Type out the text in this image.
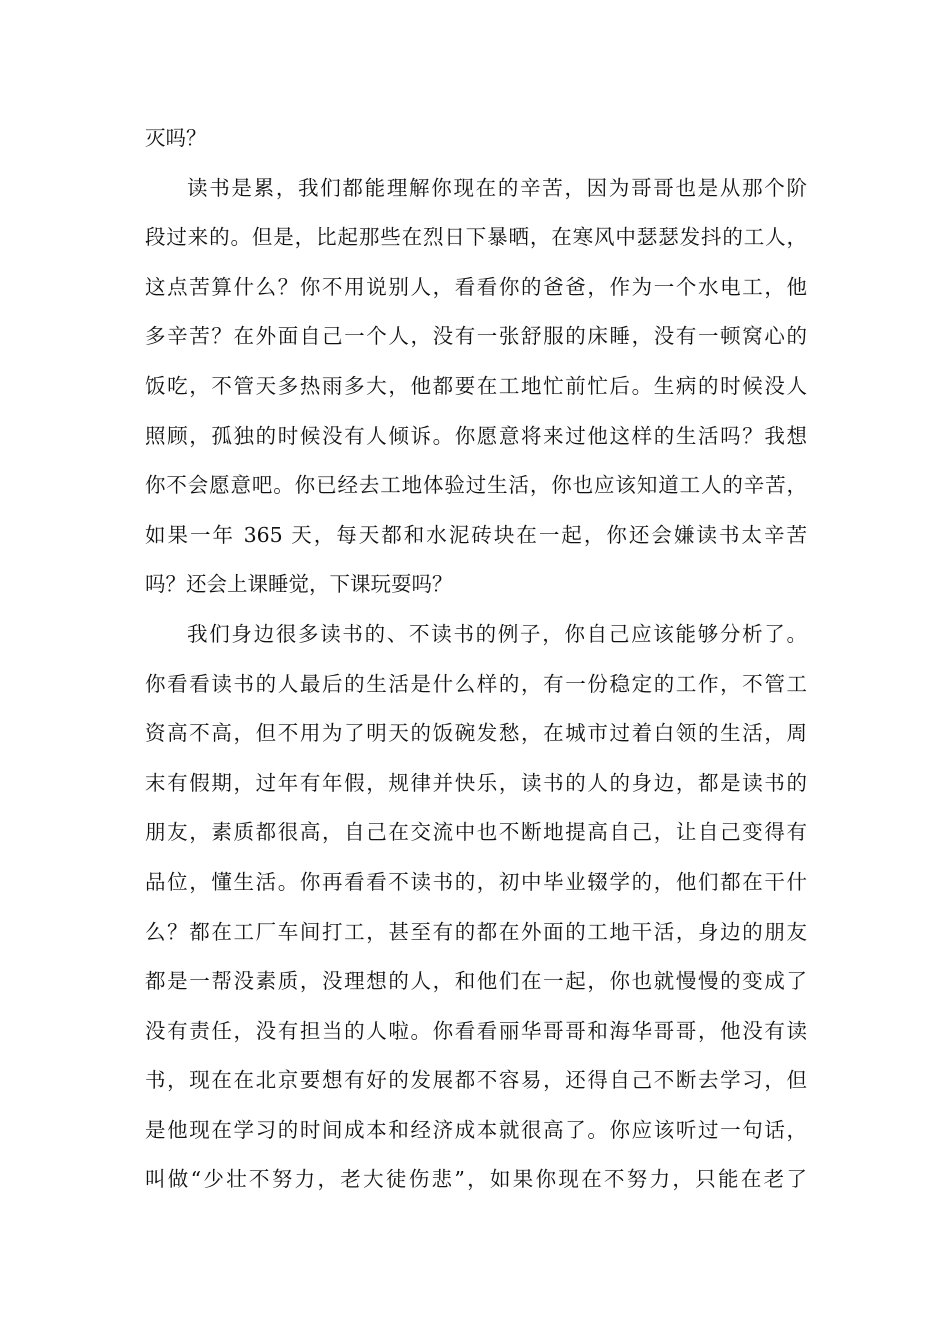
灭吗？
读书是累，我们都能理解你现在的辛苦，因为哥哥也是从那个阶
段过来的。但是，比起那些在烈日下暴晒，在寒风中瑟瑟发抖的工人，
这点苦算什么？你不用说别人，看看你的爸爸，作为一个水电工，他
多辛苦？在外面自己一个人，没有一张舒服的床睡，没有一顿窝心的
饭吃，不管天多热雨多大，他都要在工地忙前忙后。生病的时候没人
照顾，孤独的时候没有人倾诉。你愿意将来过他这样的生活吗？我想
你不会愿意吧。你已经去工地体验过生活，你也应该知道工人的辛苦，
如果一年 365 天，每天都和水泥砖块在一起，你还会嫌读书太辛苦
吗？还会上课睡觉，下课玩耍吗？
我们身边很多读书的、不读书的例子，你自己应该能够分析了。
你看看读书的人最后的生活是什么样的，有一份稳定的工作，不管工
资高不高，但不用为了明天的饭碗发愁，在城市过着白领的生活，周
末有假期，过年有年假，规律并快乐，读书的人的身边，都是读书的
朋友，素质都很高，自己在交流中也不断地提高自己，让自己变得有
品位，懂生活。你再看看不读书的，初中毕业辍学的，他们都在干什
么？都在工厂车间打工，甚至有的都在外面的工地干活，身边的朋友
都是一帮没素质，没理想的人，和他们在一起，你也就慢慢的变成了
没有责任，没有担当的人啦。你看看丽华哥哥和海华哥哥，他没有读
书，现在在北京要想有好的发展都不容易，还得自己不断去学习，但
是他现在学习的时间成本和经济成本就很高了。你应该听过一句话，
叫做“少壮不努力，老大徒伤悲”，如果你现在不努力，只能在老了
